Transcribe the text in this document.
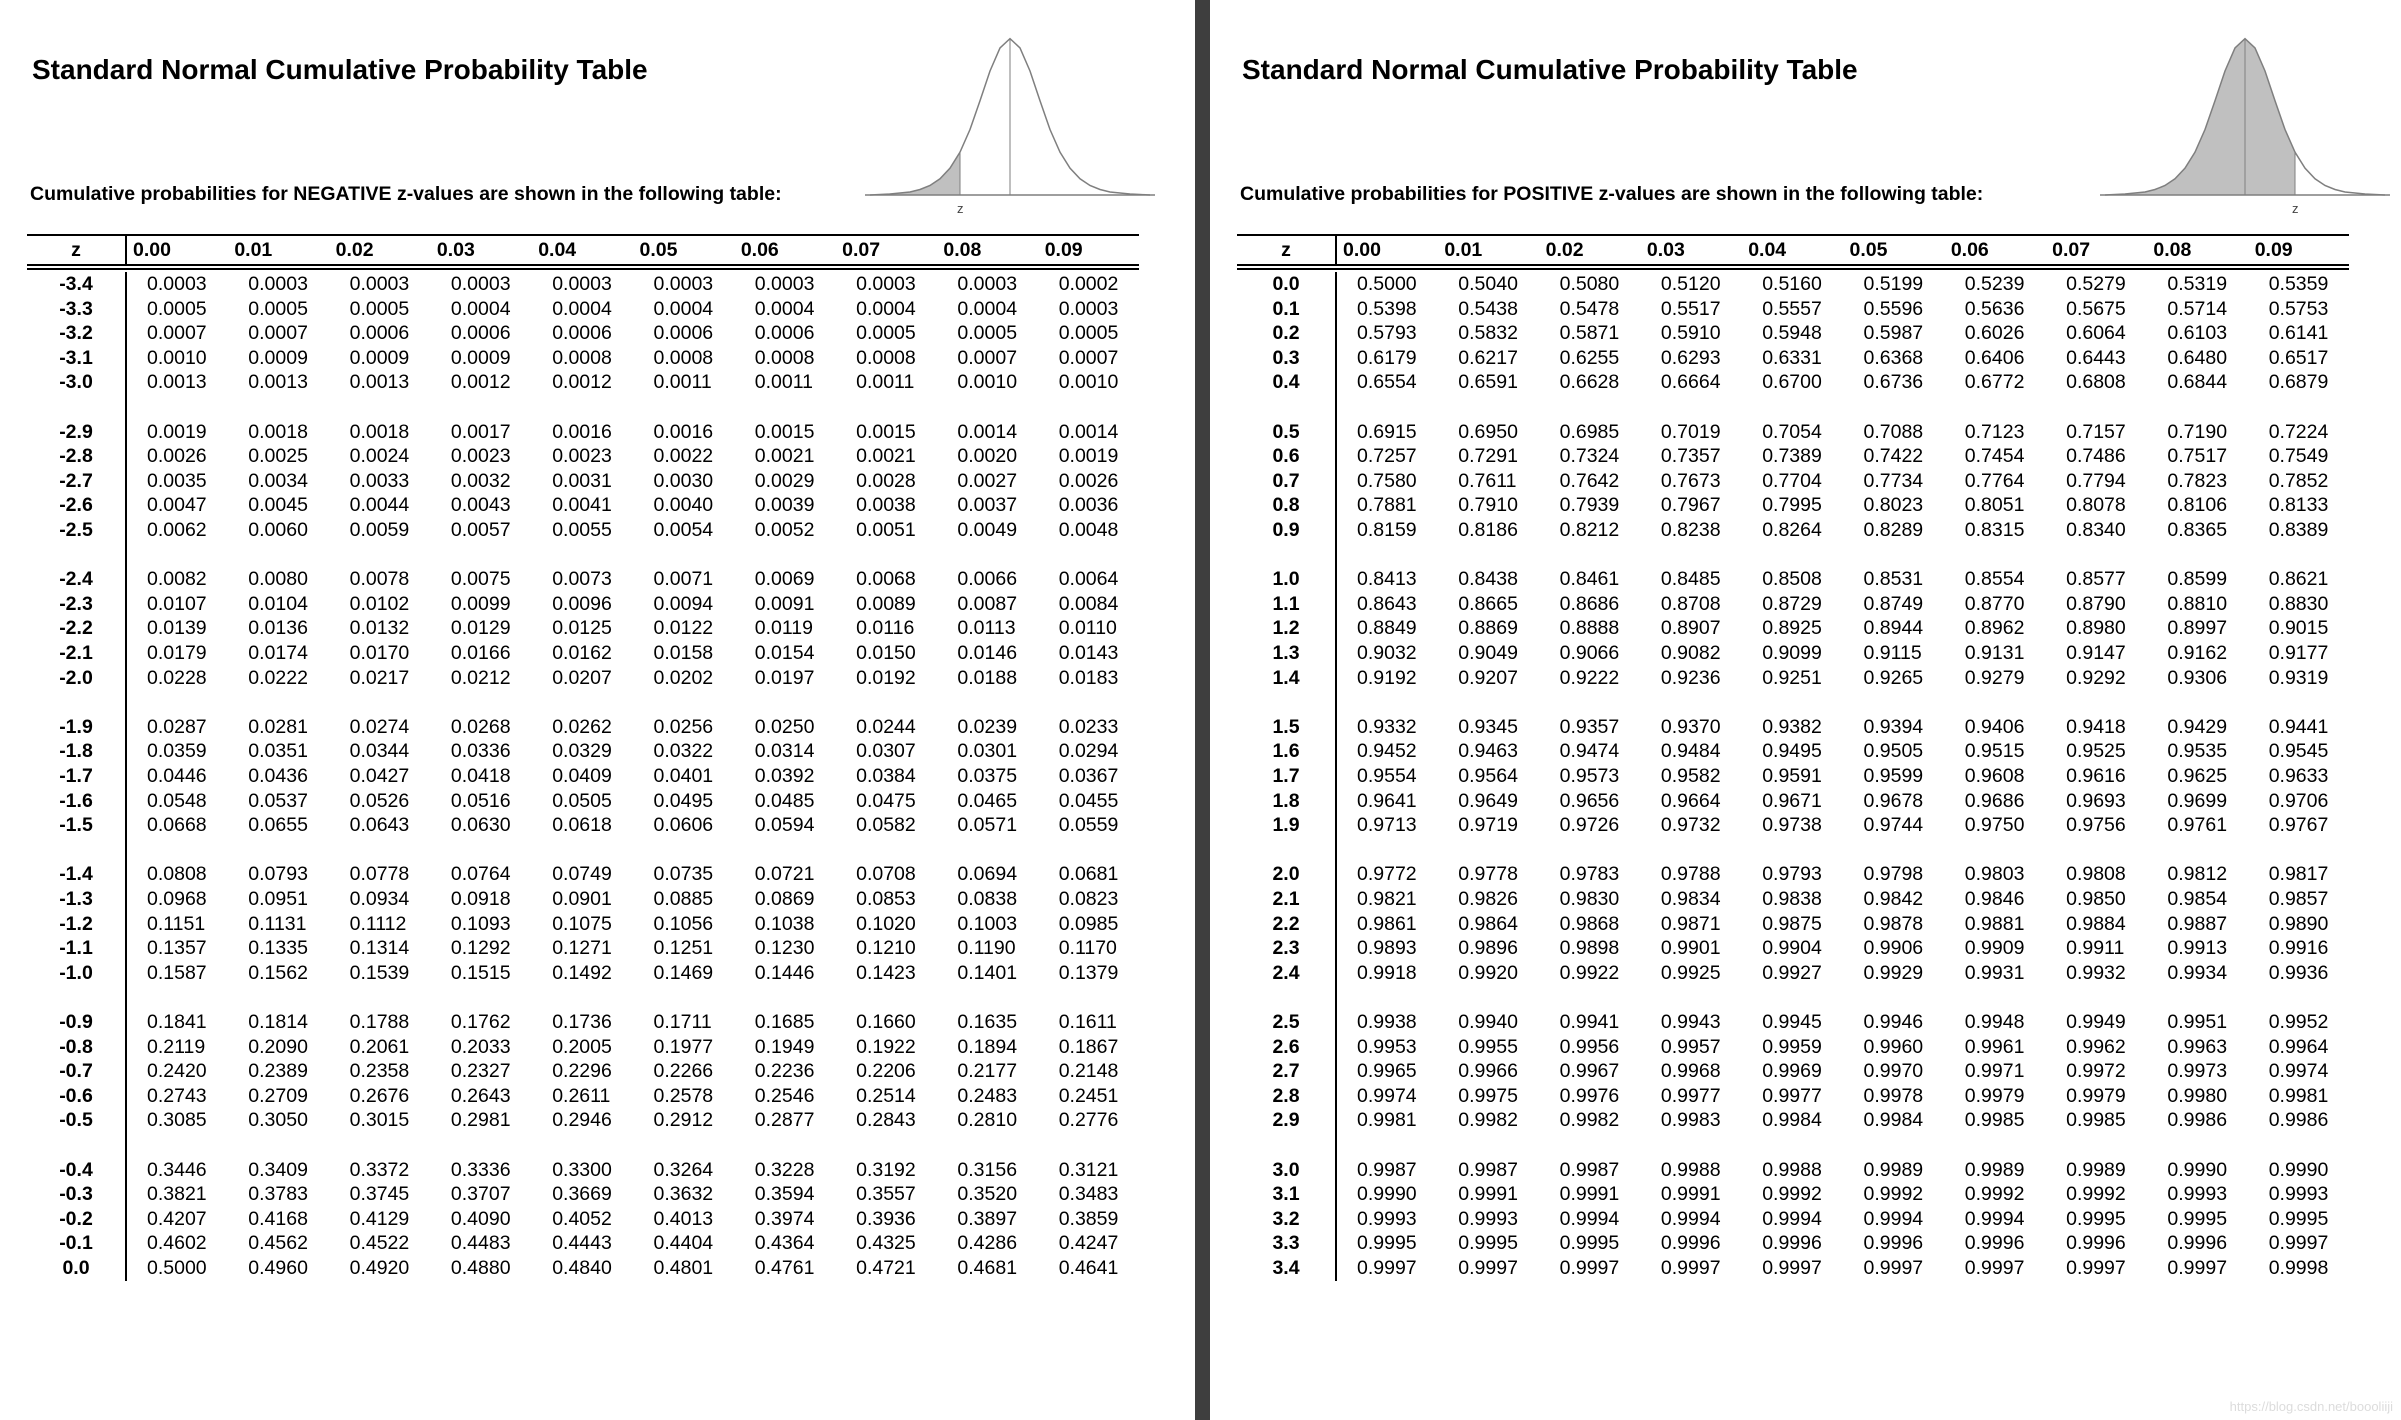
Standard Normal Cumulative Probability Table
z
Cumulative probabilities for NEGATIVE z-values are shown in the following table:
z	0.00	0.01	0.02	0.03	0.04	0.05	0.06	0.07	0.08	0.09
-3.4	0.0003	0.0003	0.0003	0.0003	0.0003	0.0003	0.0003	0.0003	0.0003	0.0002
-3.3	0.0005	0.0005	0.0005	0.0004	0.0004	0.0004	0.0004	0.0004	0.0004	0.0003
-3.2	0.0007	0.0007	0.0006	0.0006	0.0006	0.0006	0.0006	0.0005	0.0005	0.0005
-3.1	0.0010	0.0009	0.0009	0.0009	0.0008	0.0008	0.0008	0.0008	0.0007	0.0007
-3.0	0.0013	0.0013	0.0013	0.0012	0.0012	0.0011	0.0011	0.0011	0.0010	0.0010
-2.9	0.0019	0.0018	0.0018	0.0017	0.0016	0.0016	0.0015	0.0015	0.0014	0.0014
-2.8	0.0026	0.0025	0.0024	0.0023	0.0023	0.0022	0.0021	0.0021	0.0020	0.0019
-2.7	0.0035	0.0034	0.0033	0.0032	0.0031	0.0030	0.0029	0.0028	0.0027	0.0026
-2.6	0.0047	0.0045	0.0044	0.0043	0.0041	0.0040	0.0039	0.0038	0.0037	0.0036
-2.5	0.0062	0.0060	0.0059	0.0057	0.0055	0.0054	0.0052	0.0051	0.0049	0.0048
-2.4	0.0082	0.0080	0.0078	0.0075	0.0073	0.0071	0.0069	0.0068	0.0066	0.0064
-2.3	0.0107	0.0104	0.0102	0.0099	0.0096	0.0094	0.0091	0.0089	0.0087	0.0084
-2.2	0.0139	0.0136	0.0132	0.0129	0.0125	0.0122	0.0119	0.0116	0.0113	0.0110
-2.1	0.0179	0.0174	0.0170	0.0166	0.0162	0.0158	0.0154	0.0150	0.0146	0.0143
-2.0	0.0228	0.0222	0.0217	0.0212	0.0207	0.0202	0.0197	0.0192	0.0188	0.0183
-1.9	0.0287	0.0281	0.0274	0.0268	0.0262	0.0256	0.0250	0.0244	0.0239	0.0233
-1.8	0.0359	0.0351	0.0344	0.0336	0.0329	0.0322	0.0314	0.0307	0.0301	0.0294
-1.7	0.0446	0.0436	0.0427	0.0418	0.0409	0.0401	0.0392	0.0384	0.0375	0.0367
-1.6	0.0548	0.0537	0.0526	0.0516	0.0505	0.0495	0.0485	0.0475	0.0465	0.0455
-1.5	0.0668	0.0655	0.0643	0.0630	0.0618	0.0606	0.0594	0.0582	0.0571	0.0559
-1.4	0.0808	0.0793	0.0778	0.0764	0.0749	0.0735	0.0721	0.0708	0.0694	0.0681
-1.3	0.0968	0.0951	0.0934	0.0918	0.0901	0.0885	0.0869	0.0853	0.0838	0.0823
-1.2	0.1151	0.1131	0.1112	0.1093	0.1075	0.1056	0.1038	0.1020	0.1003	0.0985
-1.1	0.1357	0.1335	0.1314	0.1292	0.1271	0.1251	0.1230	0.1210	0.1190	0.1170
-1.0	0.1587	0.1562	0.1539	0.1515	0.1492	0.1469	0.1446	0.1423	0.1401	0.1379
-0.9	0.1841	0.1814	0.1788	0.1762	0.1736	0.1711	0.1685	0.1660	0.1635	0.1611
-0.8	0.2119	0.2090	0.2061	0.2033	0.2005	0.1977	0.1949	0.1922	0.1894	0.1867
-0.7	0.2420	0.2389	0.2358	0.2327	0.2296	0.2266	0.2236	0.2206	0.2177	0.2148
-0.6	0.2743	0.2709	0.2676	0.2643	0.2611	0.2578	0.2546	0.2514	0.2483	0.2451
-0.5	0.3085	0.3050	0.3015	0.2981	0.2946	0.2912	0.2877	0.2843	0.2810	0.2776
-0.4	0.3446	0.3409	0.3372	0.3336	0.3300	0.3264	0.3228	0.3192	0.3156	0.3121
-0.3	0.3821	0.3783	0.3745	0.3707	0.3669	0.3632	0.3594	0.3557	0.3520	0.3483
-0.2	0.4207	0.4168	0.4129	0.4090	0.4052	0.4013	0.3974	0.3936	0.3897	0.3859
-0.1	0.4602	0.4562	0.4522	0.4483	0.4443	0.4404	0.4364	0.4325	0.4286	0.4247
0.0	0.5000	0.4960	0.4920	0.4880	0.4840	0.4801	0.4761	0.4721	0.4681	0.4641
Standard Normal Cumulative Probability Table
z
Cumulative probabilities for POSITIVE z-values are shown in the following table:
z	0.00	0.01	0.02	0.03	0.04	0.05	0.06	0.07	0.08	0.09
0.0	0.5000	0.5040	0.5080	0.5120	0.5160	0.5199	0.5239	0.5279	0.5319	0.5359
0.1	0.5398	0.5438	0.5478	0.5517	0.5557	0.5596	0.5636	0.5675	0.5714	0.5753
0.2	0.5793	0.5832	0.5871	0.5910	0.5948	0.5987	0.6026	0.6064	0.6103	0.6141
0.3	0.6179	0.6217	0.6255	0.6293	0.6331	0.6368	0.6406	0.6443	0.6480	0.6517
0.4	0.6554	0.6591	0.6628	0.6664	0.6700	0.6736	0.6772	0.6808	0.6844	0.6879
0.5	0.6915	0.6950	0.6985	0.7019	0.7054	0.7088	0.7123	0.7157	0.7190	0.7224
0.6	0.7257	0.7291	0.7324	0.7357	0.7389	0.7422	0.7454	0.7486	0.7517	0.7549
0.7	0.7580	0.7611	0.7642	0.7673	0.7704	0.7734	0.7764	0.7794	0.7823	0.7852
0.8	0.7881	0.7910	0.7939	0.7967	0.7995	0.8023	0.8051	0.8078	0.8106	0.8133
0.9	0.8159	0.8186	0.8212	0.8238	0.8264	0.8289	0.8315	0.8340	0.8365	0.8389
1.0	0.8413	0.8438	0.8461	0.8485	0.8508	0.8531	0.8554	0.8577	0.8599	0.8621
1.1	0.8643	0.8665	0.8686	0.8708	0.8729	0.8749	0.8770	0.8790	0.8810	0.8830
1.2	0.8849	0.8869	0.8888	0.8907	0.8925	0.8944	0.8962	0.8980	0.8997	0.9015
1.3	0.9032	0.9049	0.9066	0.9082	0.9099	0.9115	0.9131	0.9147	0.9162	0.9177
1.4	0.9192	0.9207	0.9222	0.9236	0.9251	0.9265	0.9279	0.9292	0.9306	0.9319
1.5	0.9332	0.9345	0.9357	0.9370	0.9382	0.9394	0.9406	0.9418	0.9429	0.9441
1.6	0.9452	0.9463	0.9474	0.9484	0.9495	0.9505	0.9515	0.9525	0.9535	0.9545
1.7	0.9554	0.9564	0.9573	0.9582	0.9591	0.9599	0.9608	0.9616	0.9625	0.9633
1.8	0.9641	0.9649	0.9656	0.9664	0.9671	0.9678	0.9686	0.9693	0.9699	0.9706
1.9	0.9713	0.9719	0.9726	0.9732	0.9738	0.9744	0.9750	0.9756	0.9761	0.9767
2.0	0.9772	0.9778	0.9783	0.9788	0.9793	0.9798	0.9803	0.9808	0.9812	0.9817
2.1	0.9821	0.9826	0.9830	0.9834	0.9838	0.9842	0.9846	0.9850	0.9854	0.9857
2.2	0.9861	0.9864	0.9868	0.9871	0.9875	0.9878	0.9881	0.9884	0.9887	0.9890
2.3	0.9893	0.9896	0.9898	0.9901	0.9904	0.9906	0.9909	0.9911	0.9913	0.9916
2.4	0.9918	0.9920	0.9922	0.9925	0.9927	0.9929	0.9931	0.9932	0.9934	0.9936
2.5	0.9938	0.9940	0.9941	0.9943	0.9945	0.9946	0.9948	0.9949	0.9951	0.9952
2.6	0.9953	0.9955	0.9956	0.9957	0.9959	0.9960	0.9961	0.9962	0.9963	0.9964
2.7	0.9965	0.9966	0.9967	0.9968	0.9969	0.9970	0.9971	0.9972	0.9973	0.9974
2.8	0.9974	0.9975	0.9976	0.9977	0.9977	0.9978	0.9979	0.9979	0.9980	0.9981
2.9	0.9981	0.9982	0.9982	0.9983	0.9984	0.9984	0.9985	0.9985	0.9986	0.9986
3.0	0.9987	0.9987	0.9987	0.9988	0.9988	0.9989	0.9989	0.9989	0.9990	0.9990
3.1	0.9990	0.9991	0.9991	0.9991	0.9992	0.9992	0.9992	0.9992	0.9993	0.9993
3.2	0.9993	0.9993	0.9994	0.9994	0.9994	0.9994	0.9994	0.9995	0.9995	0.9995
3.3	0.9995	0.9995	0.9995	0.9996	0.9996	0.9996	0.9996	0.9996	0.9996	0.9997
3.4	0.9997	0.9997	0.9997	0.9997	0.9997	0.9997	0.9997	0.9997	0.9997	0.9998
https://blog.csdn.net/boooliiji
